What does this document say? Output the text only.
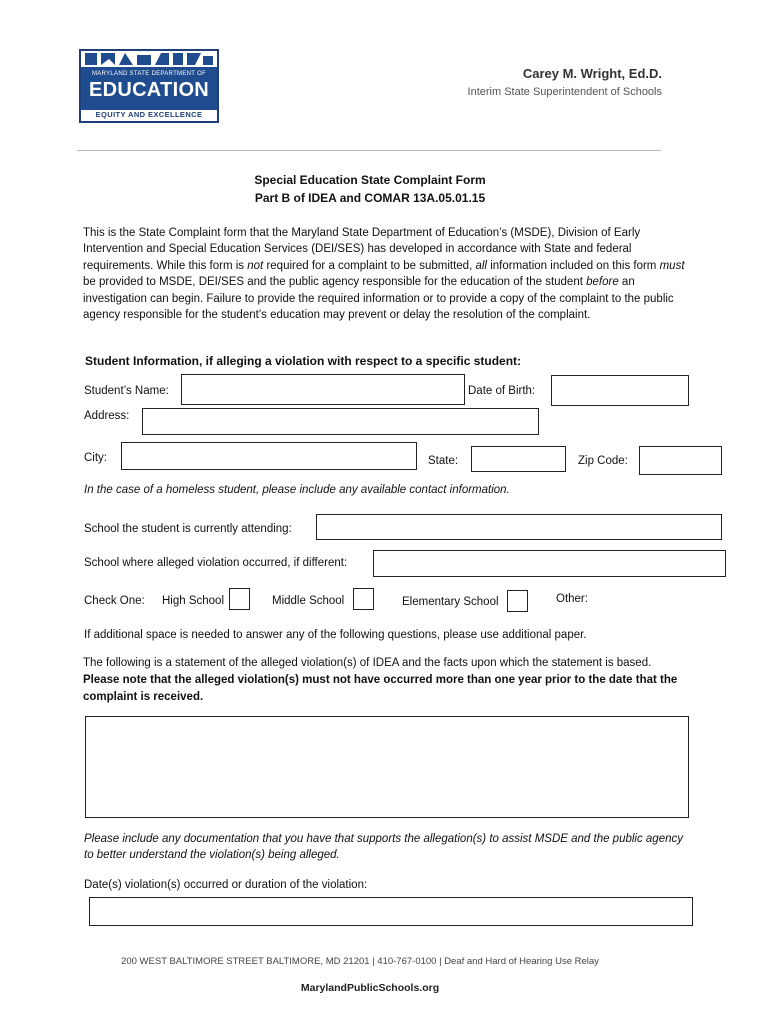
MARYLAND STATE DEPARTMENT OF
EDUCATION
EQUITY AND EXCELLENCE
Carey M. Wright, Ed.D.
Interim State Superintendent of Schools
Special Education State Complaint Form
Part B of IDEA and COMAR 13A.05.01.15
This is the State Complaint form that the Maryland State Department of Education’s (MSDE), Division of Early Intervention and Special Education Services (DEI/SES) has developed in accordance with State and federal requirements. While this form is not required for a complaint to be submitted, all information included on this form must be provided to MSDE, DEI/SES and the public agency responsible for the education of the student before an investigation can begin. Failure to provide the required information or to provide a copy of the complaint to the public agency responsible for the student’s education may prevent or delay the resolution of the complaint.
Student Information, if alleging a violation with respect to a specific student:
Student’s Name:	Date of Birth:
Address:
City:	State:	Zip Code:
In the case of a homeless student, please include any available contact information.
School the student is currently attending:
School where alleged violation occurred, if different:
Check One: High School	Middle School	Elementary School	Other:
If additional space is needed to answer any of the following questions, please use additional paper.
The following is a statement of the alleged violation(s) of IDEA and the facts upon which the statement is based.
Please note that the alleged violation(s) must not have occurred more than one year prior to the date that the complaint is received.
Please include any documentation that you have that supports the allegation(s) to assist MSDE and the public agency to better understand the violation(s) being alleged.
Date(s) violation(s) occurred or duration of the violation:
200 WEST BALTIMORE STREET BALTIMORE, MD 21201 | 410-767-0100 | Deaf and Hard of Hearing Use Relay
MarylandPublicSchools.org
